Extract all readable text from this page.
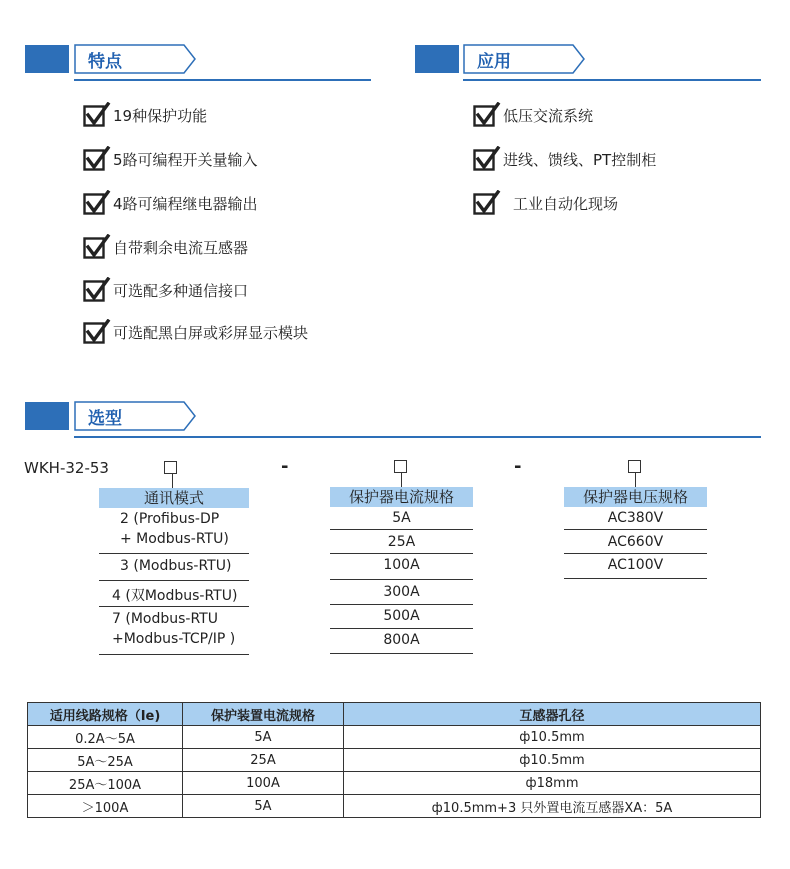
特点
19种保护功能
5路可编程开关量输入
4路可编程继电器输出
自带剩余电流互感器
可选配多种通信接口
可选配黑白屏或彩屏显示模块
应用
低压交流系统
进线、馈线、PT控制柜
工业自动化现场
选型
WKH-32-53	-	-
通讯模式
2 (Profibus-DP
+ Modbus-RTU)
3 (Modbus-RTU)
4 (双Modbus-RTU)
7 (Modbus-RTU
+Modbus-TCP/IP )
保护器电流规格
5A
25A
100A
300A
500A
800A
保护器电压规格
AC380V
AC660V
AC100V
适用线路规格（Ie)	保护装置电流规格	互感器孔径
0.2A～5A	5A	ф10.5mm
5A～25A	25A	ф10.5mm
25A～100A	100A	ф18mm
＞100A	5A	ф10.5mm+3 只外置电流互感器XA：5A
